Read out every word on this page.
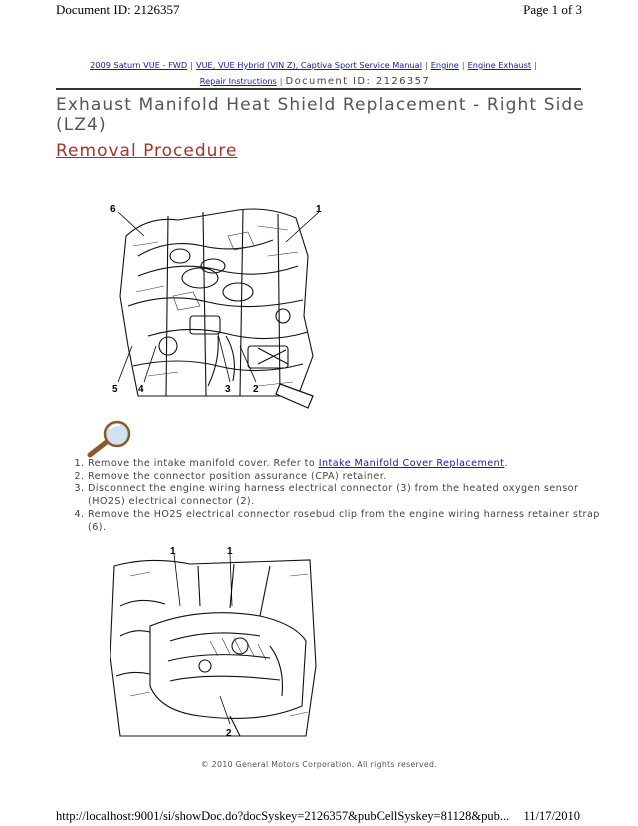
Document ID: 2126357	Page 1 of 3
2009 Saturn VUE - FWD | VUE, VUE Hybrid (VIN Z), Captiva Sport Service Manual | Engine | Engine Exhaust |
Repair Instructions | Document ID: 2126357
Exhaust Manifold Heat Shield Replacement - Right Side (LZ4)
Removal Procedure
6	1
5 4	3 2
1. Remove the intake manifold cover. Refer to Intake Manifold Cover Replacement.
2. Remove the connector position assurance (CPA) retainer.
3. Disconnect the engine wiring harness electrical connector (3) from the heated oxygen sensor (HO2S) electrical connector (2).
4. Remove the HO2S electrical connector rosebud clip from the engine wiring harness retainer strap (6).
1	1
2
© 2010 General Motors Corporation. All rights reserved.
http://localhost:9001/si/showDoc.do?docSyskey=2126357&pubCellSyskey=81128&pub... 11/17/2010
